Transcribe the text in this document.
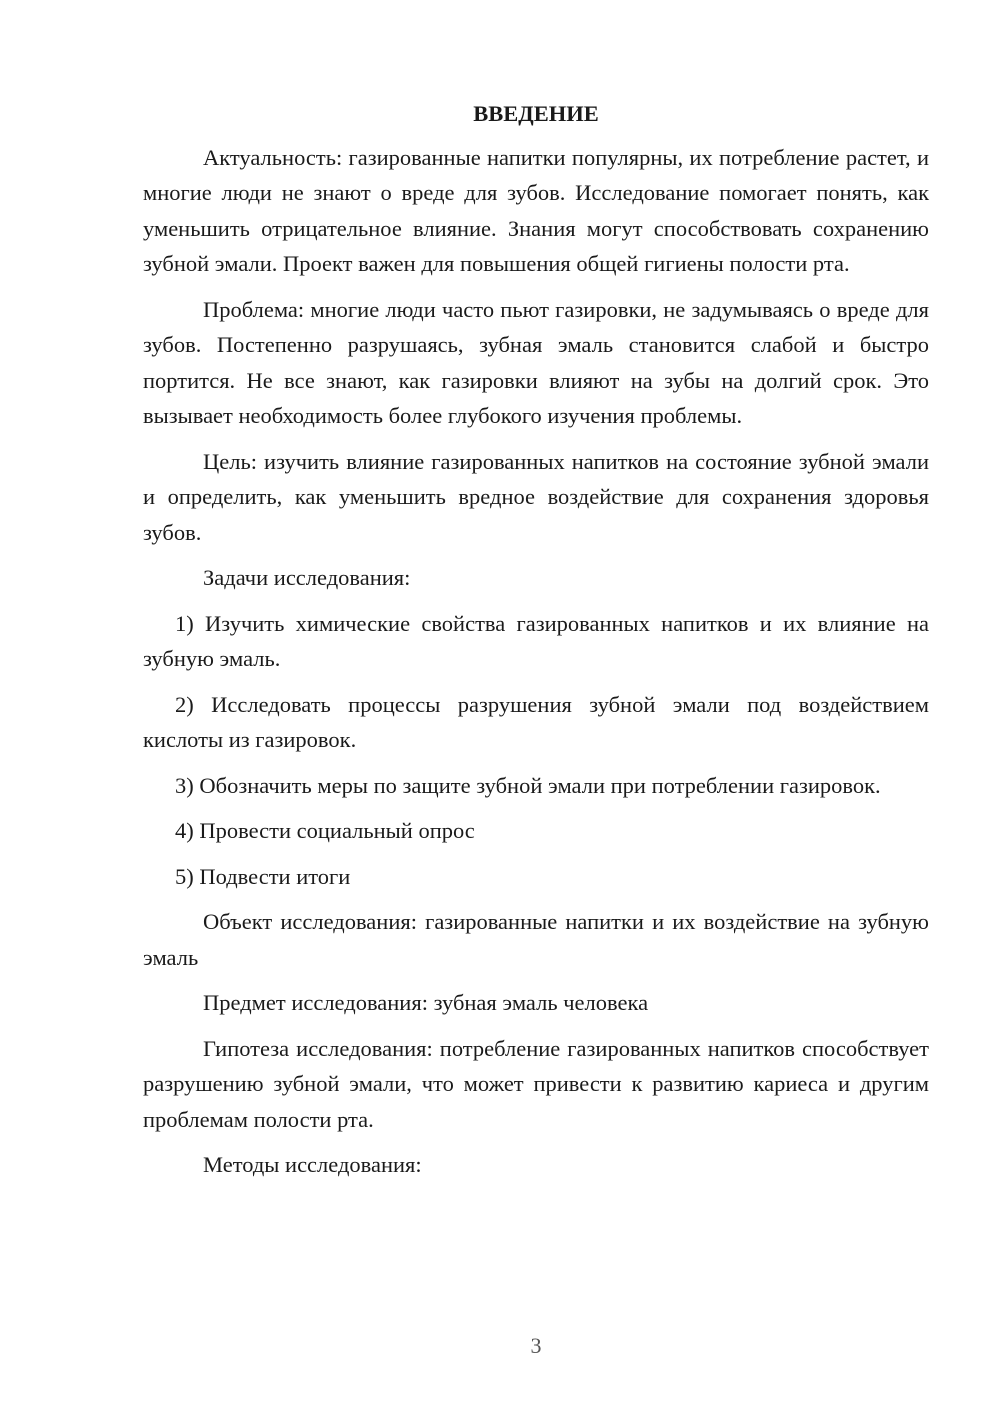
ВВЕДЕНИЕ

Актуальность: газированные напитки популярны, их потребление растет, и многие люди не знают о вреде для зубов. Исследование помогает понять, как уменьшить отрицательное влияние. Знания могут способствовать сохранению зубной эмали. Проект важен для повышения общей гигиены полости рта.

Проблема: многие люди часто пьют газировки, не задумываясь о вреде для зубов. Постепенно разрушаясь, зубная эмаль становится слабой и быстро портится. Не все знают, как газировки влияют на зубы на долгий срок. Это вызывает необходимость более глубокого изучения проблемы.

Цель: изучить влияние газированных напитков на состояние зубной эмали и определить, как уменьшить вредное воздействие для сохранения здоровья зубов.

Задачи исследования:

1) Изучить химические свойства газированных напитков и их влияние на зубную эмаль.

2) Исследовать процессы разрушения зубной эмали под воздействием кислоты из газировок.

3) Обозначить меры по защите зубной эмали при потреблении газировок.

4) Провести социальный опрос

5) Подвести итоги

Объект исследования: газированные напитки и их воздействие на зубную эмаль

Предмет исследования: зубная эмаль человека

Гипотеза исследования: потребление газированных напитков способствует разрушению зубной эмали, что может привести к развитию кариеса и другим проблемам полости рта.

Методы исследования:

3
